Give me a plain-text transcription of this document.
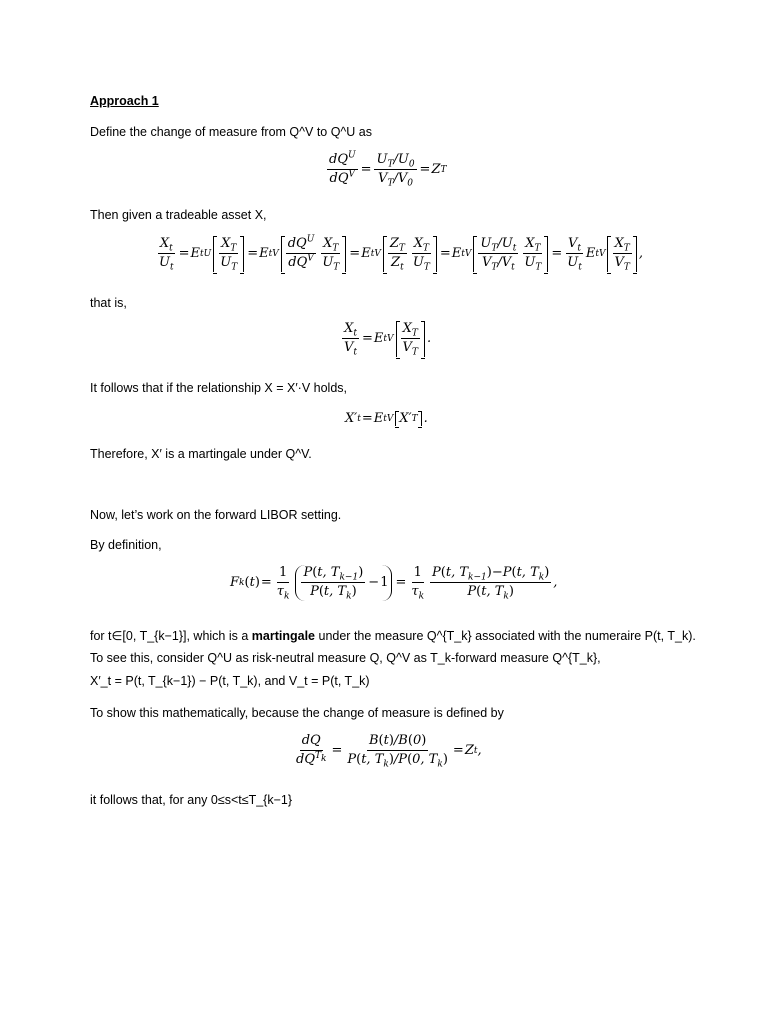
Approach 1
Define the change of measure from Q^V to Q^U as
$\frac{dQ^U}{dQ^V} = \frac{U_T/U_0}{V_T/V_0} = Z$ T
Then given a tradeable asset X,
$\frac{X_t}{U_t} = E$ t U $\frac{X_T}{U_T} = E$ t V $\frac{dQ^U}{dQ^V} \frac{X_T}{U_T} = E$ t V $\frac{Z_T}{Z_t} \frac{X_T}{U_T} = E$ t V $\frac{U_T/U_t}{V_T/V_t} \frac{X_T}{U_T} = \frac{V_t}{U_t}$ E t V $\frac{X_T}{V_T}$ ,
that is,
$\frac{X_t}{V_t} = E$ t V $\frac{X_T}{V_T}$ .
It follows that if the relationship X = X′·V holds,
X′ t = E t V X′ T .
Therefore, X′ is a martingale under Q^V.
Now, let’s work on the forward LIBOR setting.
By definition,
F k ( t ) = $\frac{1}{\tau_k} \frac{P(t, T_{k-1})}{P(t, T_k)} - 1 = \frac{1}{\tau_k} \frac{P(t, T_{k-1})-P(t, T_k)}{P(t, T_k)}$ ,
for t∈[0, T_{k−1}], which is a martingale under the measure Q^{T_k} associated with the numeraire P(t, T_k).
To see this, consider Q^U as risk-neutral measure Q, Q^V as T_k-forward measure Q^{T_k},
X′_t = P(t, T_{k−1}) − P(t, T_k), and V_t = P(t, T_k)
To show this mathematically, because the change of measure is defined by
$\frac{dQ}{dQ^{T_k}} = \frac{B(t)/B(0)}{P(t, T_k)/P(0, T_k)} = Z$ t ,
it follows that, for any 0≤s<t≤T_{k−1}
